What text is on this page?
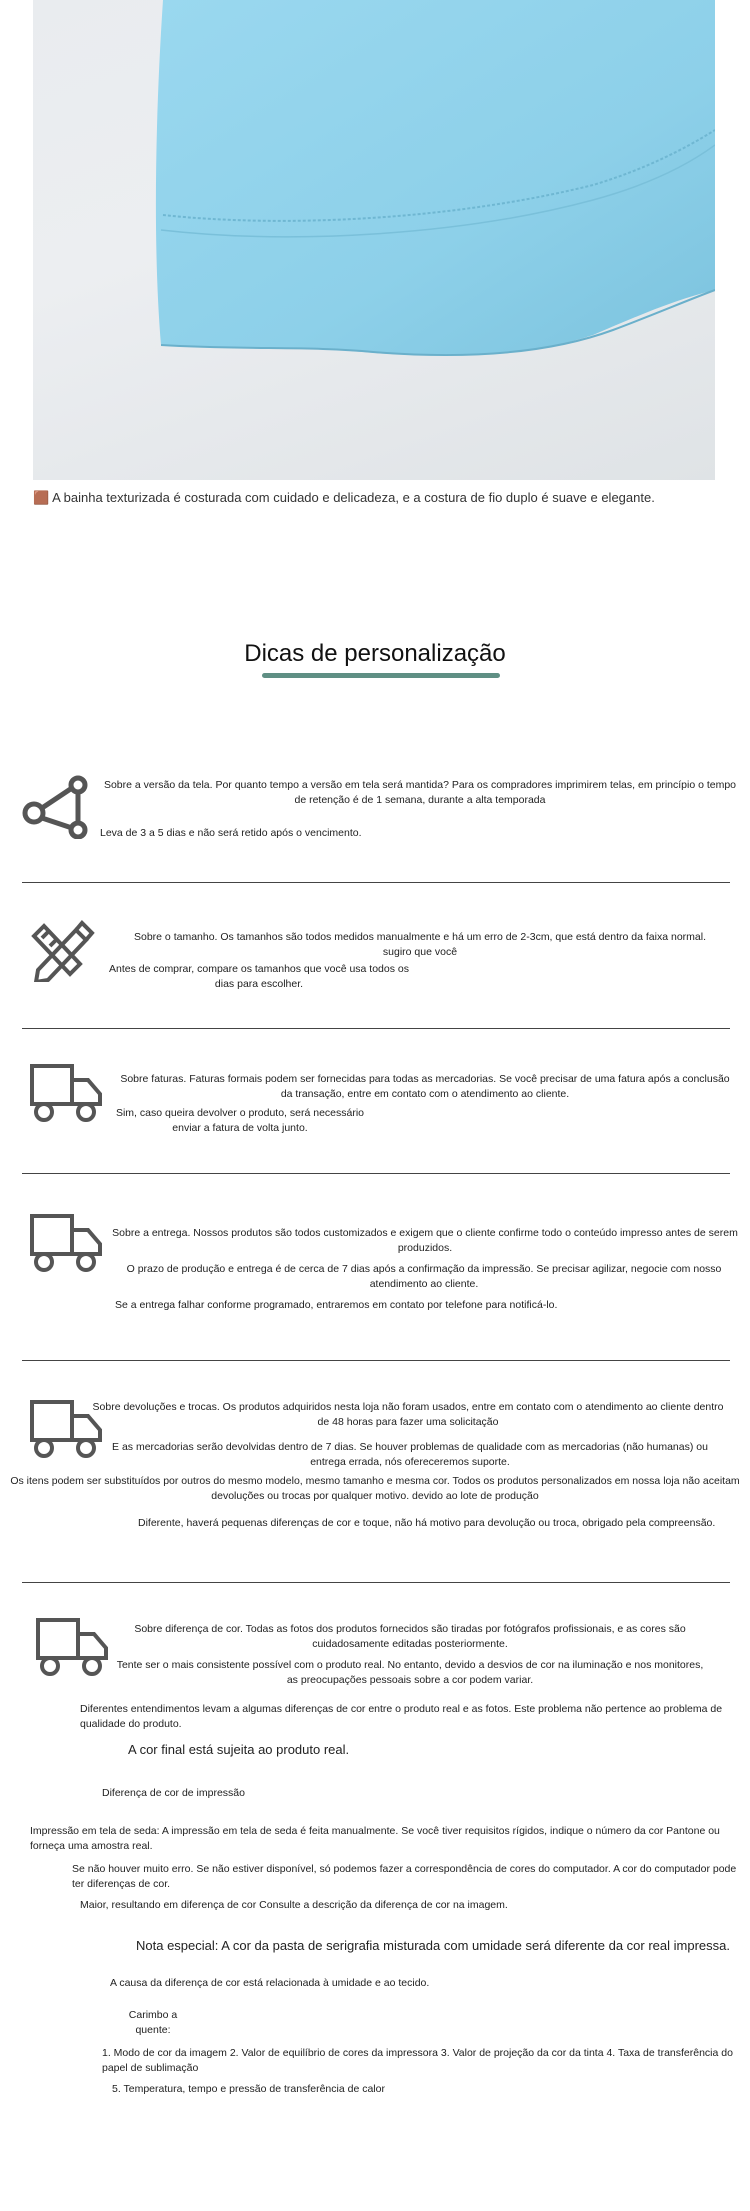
🟫 A bainha texturizada é costurada com cuidado e delicadeza, e a costura de fio duplo é suave e elegante.
Dicas de personalização
Sobre a versão da tela. Por quanto tempo a versão em tela será mantida? Para os compradores imprimirem telas, em princípio o tempo de retenção é de 1 semana, durante a alta temporada
Leva de 3 a 5 dias e não será retido após o vencimento.
Sobre o tamanho. Os tamanhos são todos medidos manualmente e há um erro de 2-3cm, que está dentro da faixa normal. sugiro que você
Antes de comprar, compare os tamanhos que você usa todos os dias para escolher.
Sobre faturas. Faturas formais podem ser fornecidas para todas as mercadorias. Se você precisar de uma fatura após a conclusão da transação, entre em contato com o atendimento ao cliente.
Sim, caso queira devolver o produto, será necessário enviar a fatura de volta junto.
Sobre a entrega. Nossos produtos são todos customizados e exigem que o cliente confirme todo o conteúdo impresso antes de serem produzidos.
O prazo de produção e entrega é de cerca de 7 dias após a confirmação da impressão. Se precisar agilizar, negocie com nosso atendimento ao cliente.
Se a entrega falhar conforme programado, entraremos em contato por telefone para notificá-lo.
Sobre devoluções e trocas. Os produtos adquiridos nesta loja não foram usados, entre em contato com o atendimento ao cliente dentro de 48 horas para fazer uma solicitação
E as mercadorias serão devolvidas dentro de 7 dias. Se houver problemas de qualidade com as mercadorias (não humanas) ou entrega errada, nós ofereceremos suporte.
Os itens podem ser substituídos por outros do mesmo modelo, mesmo tamanho e mesma cor. Todos os produtos personalizados em nossa loja não aceitam devoluções ou trocas por qualquer motivo. devido ao lote de produção
Diferente, haverá pequenas diferenças de cor e toque, não há motivo para devolução ou troca, obrigado pela compreensão.
Sobre diferença de cor. Todas as fotos dos produtos fornecidos são tiradas por fotógrafos profissionais, e as cores são cuidadosamente editadas posteriormente.
Tente ser o mais consistente possível com o produto real. No entanto, devido a desvios de cor na iluminação e nos monitores, as preocupações pessoais sobre a cor podem variar.
Diferentes entendimentos levam a algumas diferenças de cor entre o produto real e as fotos. Este problema não pertence ao problema de qualidade do produto.
A cor final está sujeita ao produto real.
Diferença de cor de impressão
Impressão em tela de seda: A impressão em tela de seda é feita manualmente. Se você tiver requisitos rígidos, indique o número da cor Pantone ou forneça uma amostra real.
Se não houver muito erro. Se não estiver disponível, só podemos fazer a correspondência de cores do computador. A cor do computador pode ter diferenças de cor.
Maior, resultando em diferença de cor Consulte a descrição da diferença de cor na imagem.
Nota especial: A cor da pasta de serigrafia misturada com umidade será diferente da cor real impressa.
A causa da diferença de cor está relacionada à umidade e ao tecido.
Carimbo a quente:
1. Modo de cor da imagem 2. Valor de equilíbrio de cores da impressora 3. Valor de projeção da cor da tinta 4. Taxa de transferência do papel de sublimação
5. Temperatura, tempo e pressão de transferência de calor
